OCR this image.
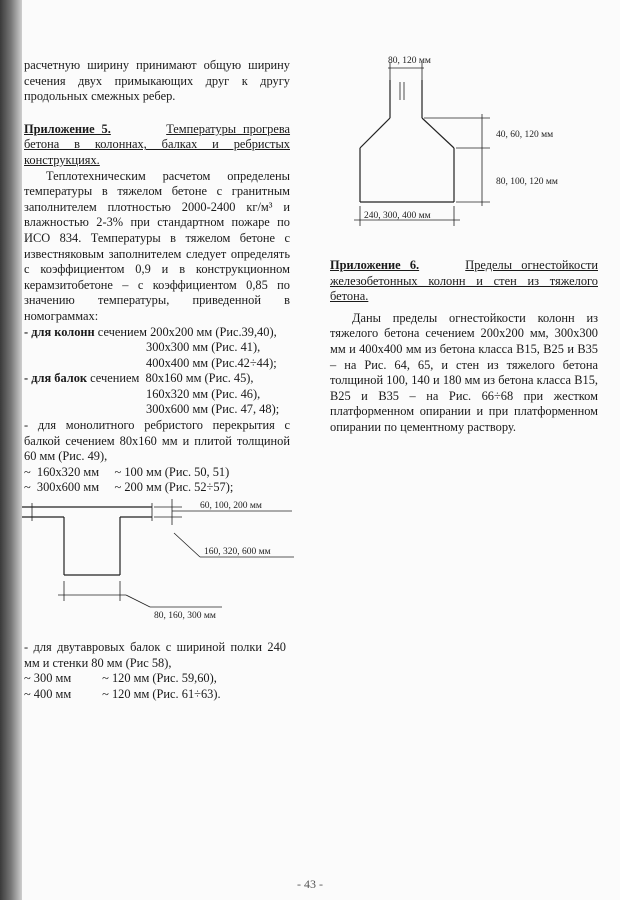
расчетную ширину принимают общую ширину сечения двух примыкающих друг к другу продольных смежных ребер.

Приложение 5.	Температуры прогрева бетона в колоннах, балках и ребристых конструкциях.

Теплотехническим расчетом определены температуры в тяжелом бетоне с гранитным заполнителем плотностью 2000-2400 кг/м³ и влажностью 2-3% при стандартном пожаре по ИСО 834. Температуры в тяжелом бетоне с известняковым заполнителем следует определять с коэффициентом 0,9 и в конструкционном керамзитобетоне – с коэффициентом 0,85 по значению температуры, приведенной в номограммах:

- для колонн сечением 200х200 мм (Рис.39,40),

300х300 мм (Рис. 41),

400х400 мм (Рис.42÷44);

- для балок сечением  80х160 мм (Рис. 45),

160х320 мм (Рис. 46),

300х600 мм (Рис. 47, 48);

- для монолитного ребристого перекрытия с балкой сечением 80х160 мм и плитой толщиной 60 мм (Рис. 49),

~  160х320 мм     ~ 100 мм (Рис. 50, 51)

~  300х600 мм     ~ 200 мм (Рис. 52÷57);

60, 100, 200 мм
160, 320, 600 мм
80, 160, 300 мм

- для двутавровых балок с шириной полки 240 мм и стенки 80 мм (Рис 58),

~ 300 мм          ~ 120 мм (Рис. 59,60),

~ 400 мм          ~ 120 мм (Рис. 61÷63).

80, 120 мм
40, 60, 120 мм
80, 100, 120 мм
240, 300, 400 мм

Приложение 6.	Пределы огнестойкости железобетонных колонн и стен из тяжелого бетона.

Даны пределы огнестойкости колонн из тяжелого бетона сечением 200х200 мм, 300х300 мм и 400х400 мм из бетона класса В15, В25 и В35 – на Рис. 64, 65, и стен из тяжелого бетона толщиной 100, 140 и 180 мм из бетона класса В15, В25 и В35 – на Рис. 66÷68 при жестком платформенном опирании и при платформенном опирании по цементному раствору.

- 43 -
